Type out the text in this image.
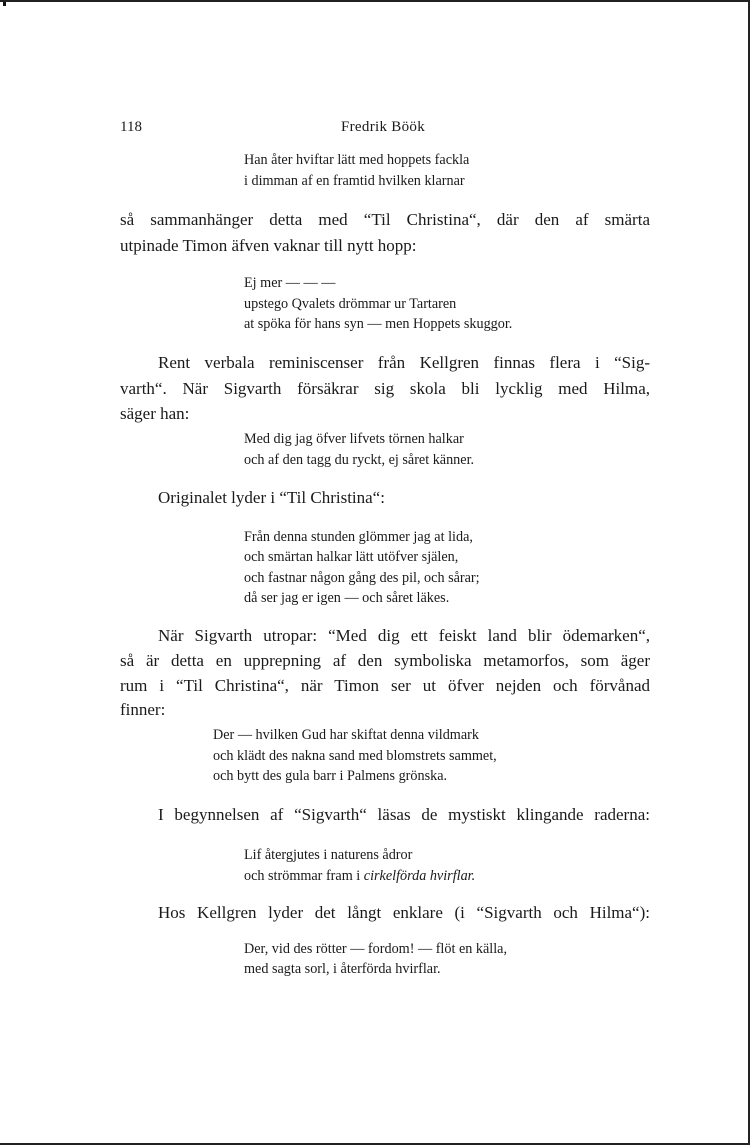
118	Fredrik Böök
Han åter hviftar lätt med hoppets fackla
i dimman af en framtid hvilken klarnar
så sammanhänger detta med “Til Christina“, där den af smärta
utpinade Timon äfven vaknar till nytt hopp:
Ej mer — — —
upstego Qvalets drömmar ur Tartaren
at spöka för hans syn — men Hoppets skuggor.
Rent verbala reminiscenser från Kellgren finnas flera i “Sig-
varth“. När Sigvarth försäkrar sig skola bli lycklig med Hilma,
säger han:
Med dig jag öfver lifvets törnen halkar
och af den tagg du ryckt, ej såret känner.
Originalet lyder i “Til Christina“:
Från denna stunden glömmer jag at lida,
och smärtan halkar lätt utöfver själen,
och fastnar någon gång des pil, och sårar;
då ser jag er igen — och såret läkes.
När Sigvarth utropar: “Med dig ett feiskt land blir ödemarken“,
så är detta en upprepning af den symboliska metamorfos, som äger
rum i “Til Christina“, när Timon ser ut öfver nejden och förvånad
finner:
Der — hvilken Gud har skiftat denna vildmark
och klädt des nakna sand med blomstrets sammet,
och bytt des gula barr i Palmens grönska.
I begynnelsen af “Sigvarth“ läsas de mystiskt klingande raderna:
Lif återgjutes i naturens ådror
och strömmar fram i cirkelförda hvirflar.
Hos Kellgren lyder det långt enklare (i “Sigvarth och Hilma“):
Der, vid des rötter — fordom! — flöt en källa,
med sagta sorl, i återförda hvirflar.
